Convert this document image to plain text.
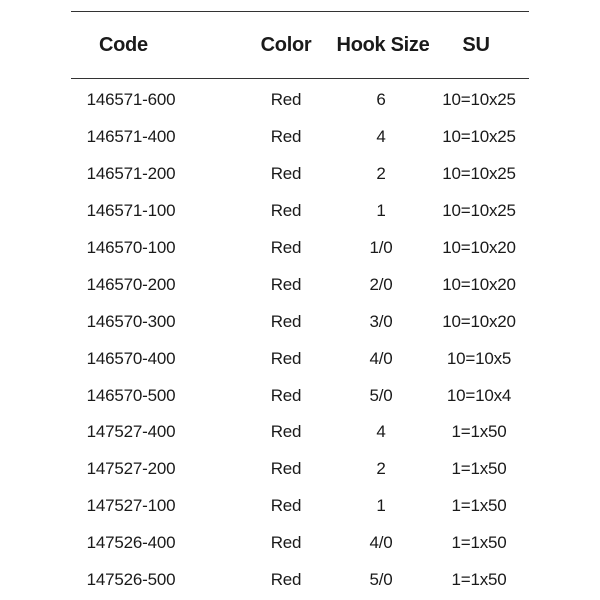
Code	Color	Hook Size	SU
146571-600	Red	6	10=10x25
146571-400	Red	4	10=10x25
146571-200	Red	2	10=10x25
146571-100	Red	1	10=10x25
146570-100	Red	1/0	10=10x20
146570-200	Red	2/0	10=10x20
146570-300	Red	3/0	10=10x20
146570-400	Red	4/0	10=10x5
146570-500	Red	5/0	10=10x4
147527-400	Red	4	1=1x50
147527-200	Red	2	1=1x50
147527-100	Red	1	1=1x50
147526-400	Red	4/0	1=1x50
147526-500	Red	5/0	1=1x50
